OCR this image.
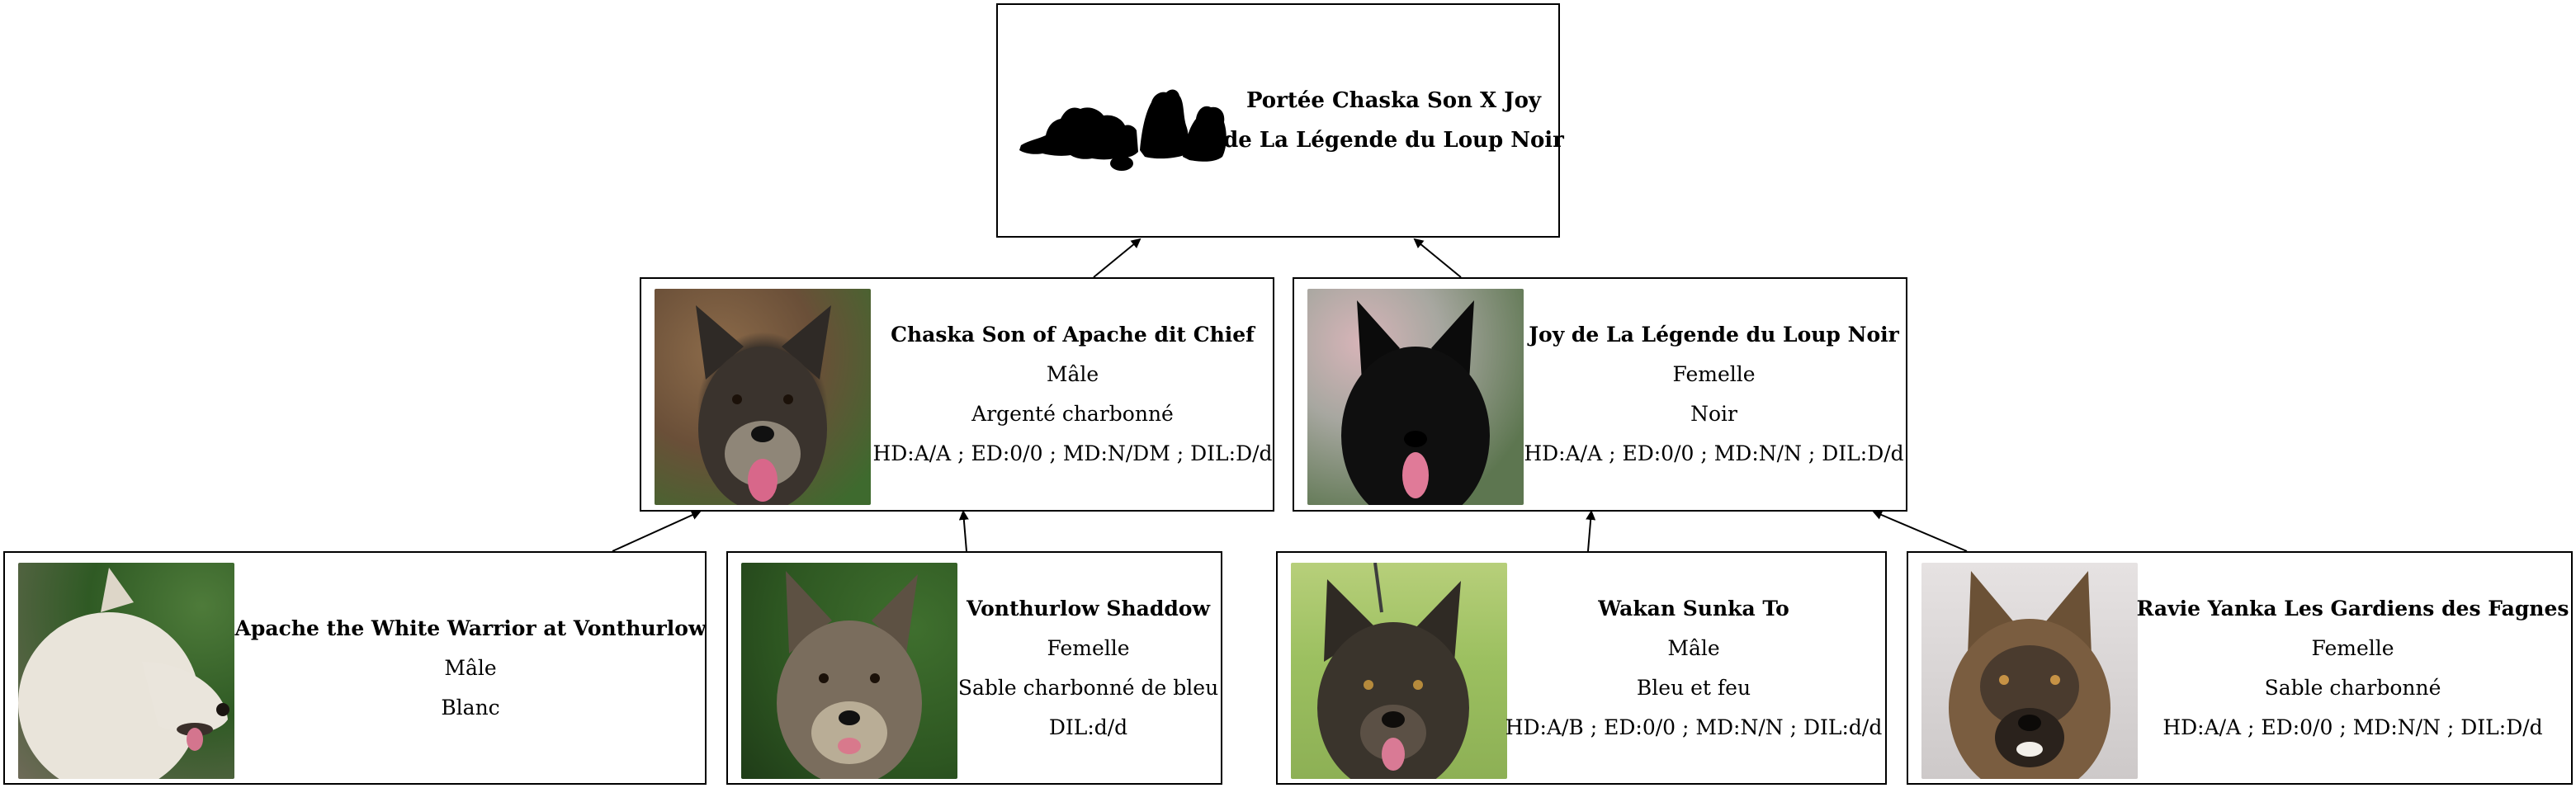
Portée Chaska Son X Joy
de La Légende du Loup Noir
Chaska Son of Apache dit Chief
Mâle
Argenté charbonné
HD:A/A ; ED:0/0 ; MD:N/DM ; DIL:D/d
Joy de La Légende du Loup Noir
Femelle
Noir
HD:A/A ; ED:0/0 ; MD:N/N ; DIL:D/d
Apache the White Warrior at Vonthurlow
Mâle
Blanc
Vonthurlow Shaddow
Femelle
Sable charbonné de bleu
DIL:d/d
Wakan Sunka To
Mâle
Bleu et feu
HD:A/B ; ED:0/0 ; MD:N/N ; DIL:d/d
Ravie Yanka Les Gardiens des Fagnes
Femelle
Sable charbonné
HD:A/A ; ED:0/0 ; MD:N/N ; DIL:D/d
